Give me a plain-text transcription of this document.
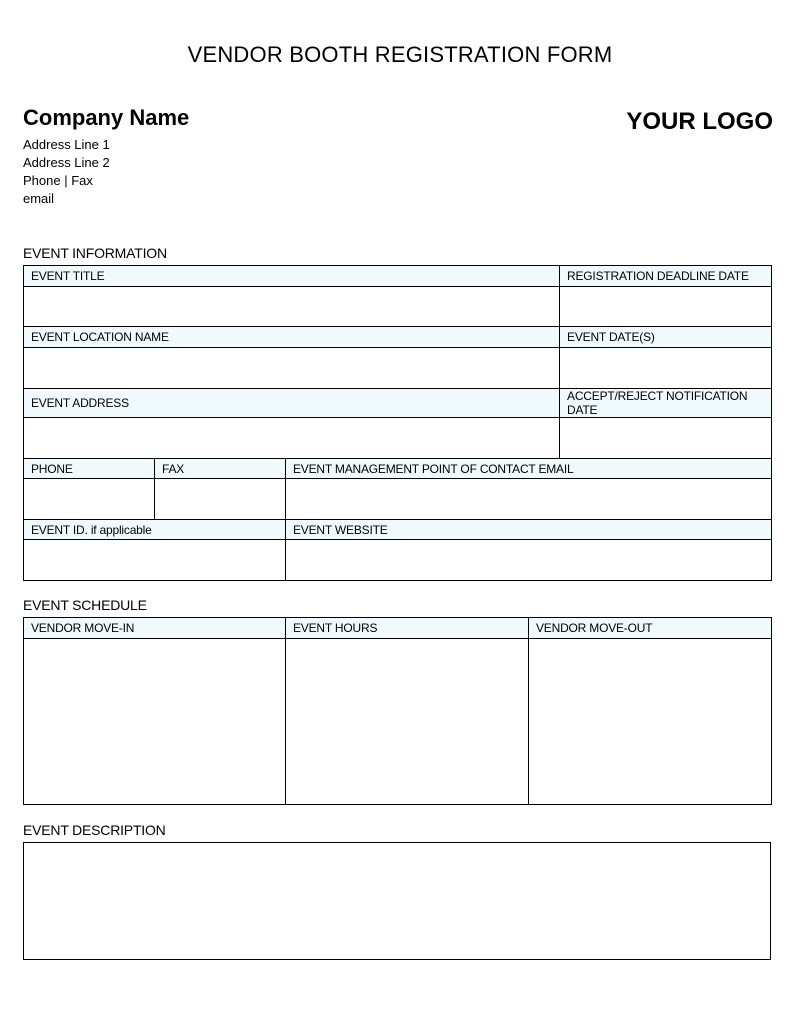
VENDOR BOOTH REGISTRATION FORM
Company Name
Address Line 1
Address Line 2
Phone | Fax
email
YOUR LOGO
EVENT INFORMATION
EVENT TITLE			REGISTRATION DEADLINE DATE

EVENT LOCATION NAME			EVENT DATE(S)

EVENT ADDRESS			ACCEPT/REJECT NOTIFICATION DATE

PHONE	FAX	EVENT MANAGEMENT POINT OF CONTACT EMAIL	

EVENT ID. if applicable		EVENT WEBSITE	

EVENT SCHEDULE
VENDOR MOVE-IN	EVENT HOURS	VENDOR MOVE-OUT

EVENT DESCRIPTION
